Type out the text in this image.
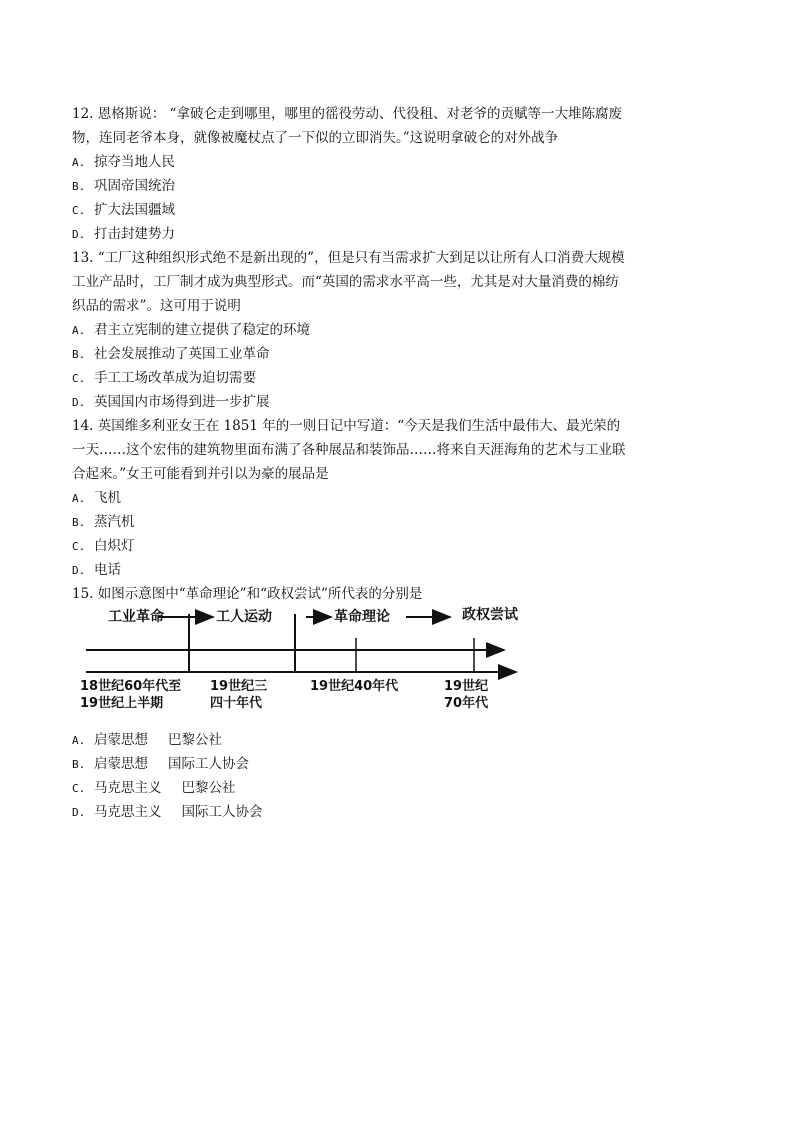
12. 恩格斯说： “拿破仑走到哪里，哪里的徭役劳动、代役租、对老爷的贡赋等一大堆陈腐废
物，连同老爷本身，就像被魔杖点了一下似的立即消失。”这说明拿破仑的对外战争
A. 掠夺当地人民
B. 巩固帝国统治
C. 扩大法国疆域
D. 打击封建势力
13. “工厂这种组织形式绝不是新出现的”，但是只有当需求扩大到足以让所有人口消费大规模
工业产品时，工厂制才成为典型形式。而“英国的需求水平高一些，尤其是对大量消费的棉纺
织品的需求”。这可用于说明
A. 君主立宪制的建立提供了稳定的环境
B. 社会发展推动了英国工业革命
C. 手工工场改革成为迫切需要
D. 英国国内市场得到进一步扩展
14. 英国维多利亚女王在 1851 年的一则日记中写道：“今天是我们生活中最伟大、最光荣的
一天……这个宏伟的建筑物里面布满了各种展品和装饰品……将来自天涯海角的艺术与工业联
合起来。”女王可能看到并引以为豪的展品是
A. 飞机
B. 蒸汽机
C. 白炽灯
D. 电话
15. 如图示意图中“革命理论”和“政权尝试”所代表的分别是
工业革命	工人运动	革命理论	政权尝试
18世纪60年代至
19世纪上半期
19世纪三
四十年代
19世纪40年代	19世纪
70年代
A. 启蒙思想 巴黎公社
B. 启蒙思想 国际工人协会
C. 马克思主义 巴黎公社
D. 马克思主义 国际工人协会
